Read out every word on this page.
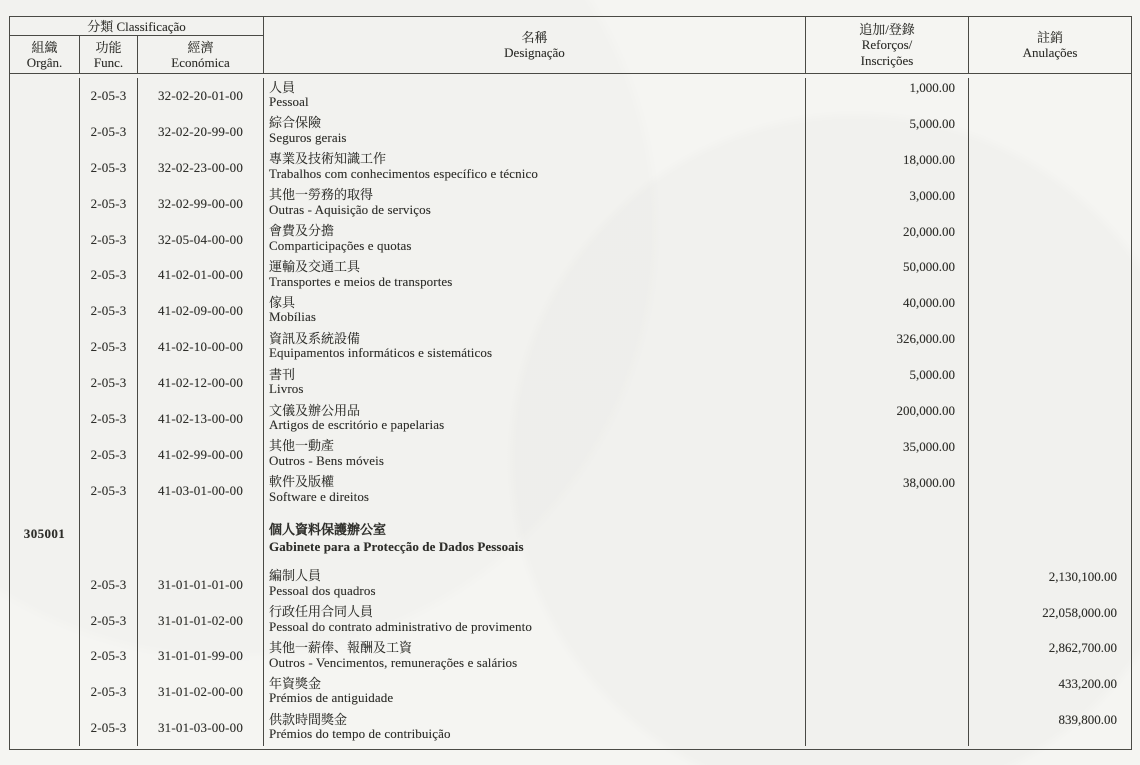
分類 Classificação
組織
Orgân.
功能
Func.
經濟
Económica
名稱
Designação
追加/登錄
Reforços/
Inscrições
註銷
Anulações
2-05-3 32-02-20-01-00
人員
Pessoal
1,000.00
2-05-3 32-02-20-99-00
綜合保險
Seguros gerais
5,000.00
2-05-3 32-02-23-00-00
專業及技術知識工作
Trabalhos com conhecimentos específico e técnico
18,000.00
2-05-3 32-02-99-00-00
其他一勞務的取得
Outras - Aquisição de serviços
3,000.00
2-05-3 32-05-04-00-00
會費及分擔
Comparticipações e quotas
20,000.00
2-05-3 41-02-01-00-00
運輸及交通工具
Transportes e meios de transportes
50,000.00
2-05-3 41-02-09-00-00
傢具
Mobílias
40,000.00
2-05-3 41-02-10-00-00
資訊及系統設備
Equipamentos informáticos e sistemáticos
326,000.00
2-05-3 41-02-12-00-00
書刊
Livros
5,000.00
2-05-3 41-02-13-00-00
文儀及辦公用品
Artigos de escritório e papelarias
200,000.00
2-05-3 41-02-99-00-00
其他一動產
Outros - Bens móveis
35,000.00
2-05-3 41-03-01-00-00
軟件及版權
Software e direitos
38,000.00
305001	個人資料保護辦公室
Gabinete para a Protecção de Dados Pessoais
2-05-3 31-01-01-01-00
編制人員
Pessoal dos quadros
2,130,100.00
2-05-3 31-01-01-02-00
行政任用合同人員
Pessoal do contrato administrativo de provimento
22,058,000.00
2-05-3 31-01-01-99-00
其他一薪俸、報酬及工資
Outros - Vencimentos, remunerações e salários
2,862,700.00
2-05-3 31-01-02-00-00
年資獎金
Prémios de antiguidade
433,200.00
2-05-3 31-01-03-00-00
供款時間獎金
Prémios do tempo de contribuição
839,800.00
